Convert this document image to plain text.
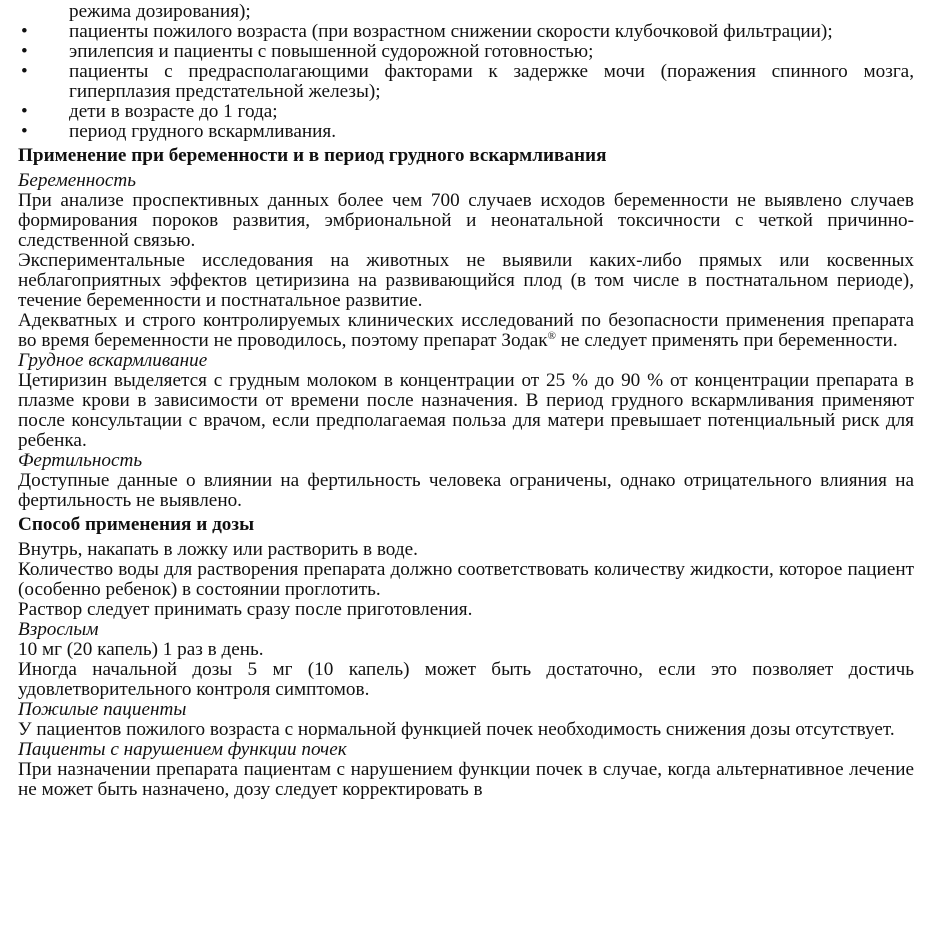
режима дозирования);
• пациенты пожилого возраста (при возрастном снижении скорости клубочковой фильтрации);
• эпилепсия и пациенты с повышенной судорожной готовностью;
• пациенты с предрасполагающими факторами к задержке мочи (поражения спинного мозга, гиперплазия предстательной железы);
• дети в возрасте до 1 года;
• период грудного вскармливания.
Применение при беременности и в период грудного вскармливания
Беременность

При анализе проспективных данных более чем 700 случаев исходов беременности не выявлено случаев формирования пороков развития, эмбриональной и неонатальной токсичности с четкой причинно-следственной связью.

Экспериментальные исследования на животных не выявили каких-либо прямых или косвенных неблагоприятных эффектов цетиризина на развивающийся плод (в том числе в постнатальном периоде), течение беременности и постнатальное развитие.

Адекватных и строго контролируемых клинических исследований по безопасности применения препарата во время беременности не проводилось, поэтому препарат Зодак® не следует применять при беременности.

Грудное вскармливание

Цетиризин выделяется с грудным молоком в концентрации от 25 % до 90 % от концентрации препарата в плазме крови в зависимости от времени после назначения. В период грудного вскармливания применяют после консультации с врачом, если предполагаемая польза для матери превышает потенциальный риск для ребенка.

Фертильность

Доступные данные о влиянии на фертильность человека ограничены, однако отрицательного влияния на фертильность не выявлено.

Способ применения и дозы

Внутрь, накапать в ложку или растворить в воде.

Количество воды для растворения препарата должно соответствовать количеству жидкости, которое пациент (особенно ребенок) в состоянии проглотить.

Раствор следует принимать сразу после приготовления.

Взрослым

10 мг (20 капель) 1 раз в день.

Иногда начальной дозы 5 мг (10 капель) может быть достаточно, если это позволяет достичь удовлетворительного контроля симптомов.

Пожилые пациенты

У пациентов пожилого возраста с нормальной функцией почек необходимость снижения дозы отсутствует.

Пациенты с нарушением функции почек

При назначении препарата пациентам с нарушением функции почек в случае, когда альтернативное лечение не может быть назначено, дозу следует корректировать в
